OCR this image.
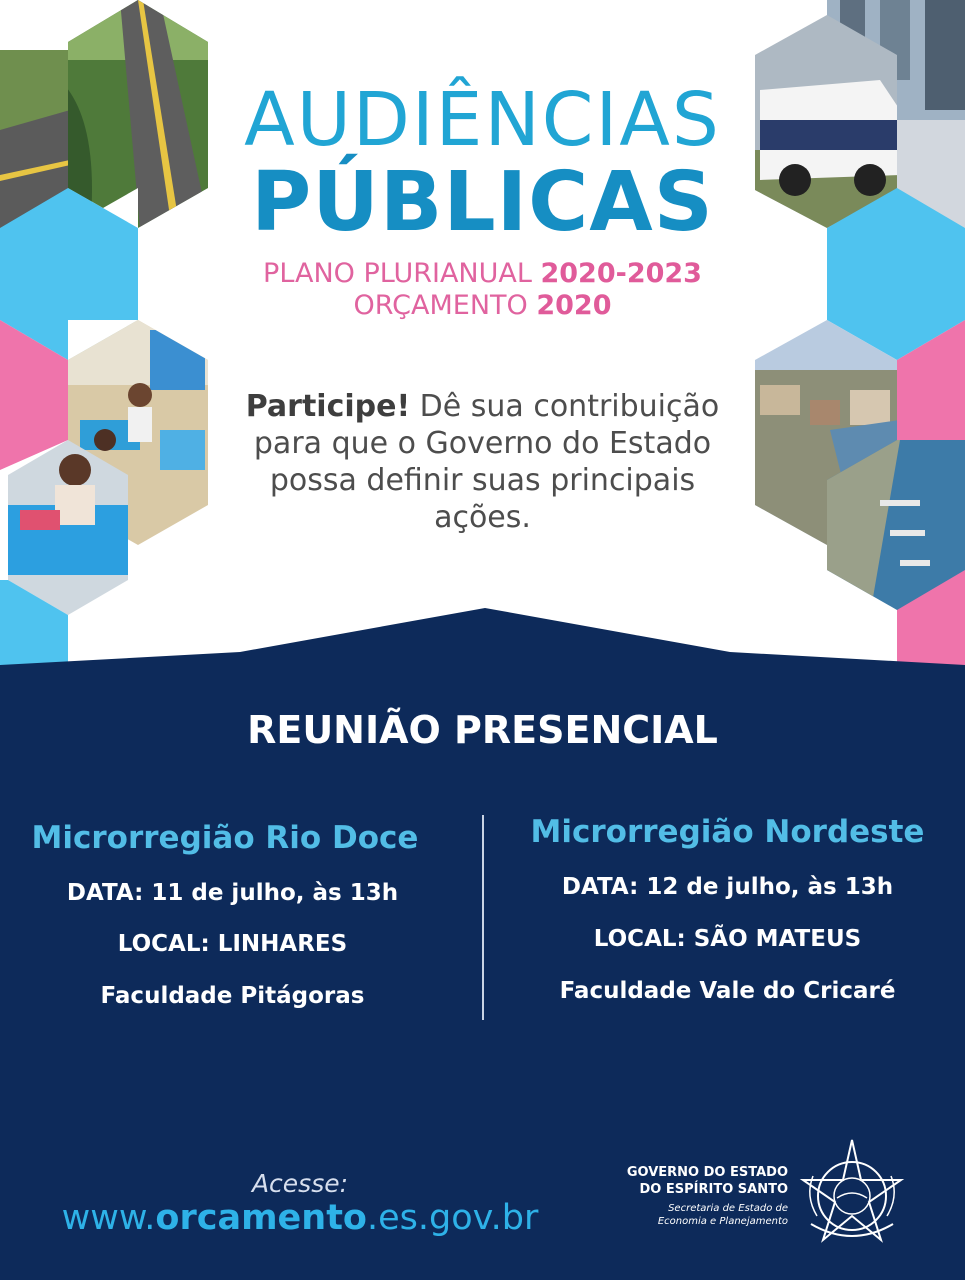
AUDIÊNCIAS
PÚBLICAS
PLANO PLURIANUAL 2020-2023
ORÇAMENTO 2020
Participe! Dê sua contribuição para que o Governo do Estado possa definir suas principais ações.
REUNIÃO PRESENCIAL
Microrregião Rio Doce
DATA: 11 de julho, às 13h
LOCAL: LINHARES
Faculdade Pitágoras
Microrregião Nordeste
DATA: 12 de julho, às 13h
LOCAL: SÃO MATEUS
Faculdade Vale do Cricaré
Acesse:
www.orcamento.es.gov.br
GOVERNO DO ESTADO
DO ESPÍRITO SANTO
Secretaria de Estado de
Economia e Planejamento
